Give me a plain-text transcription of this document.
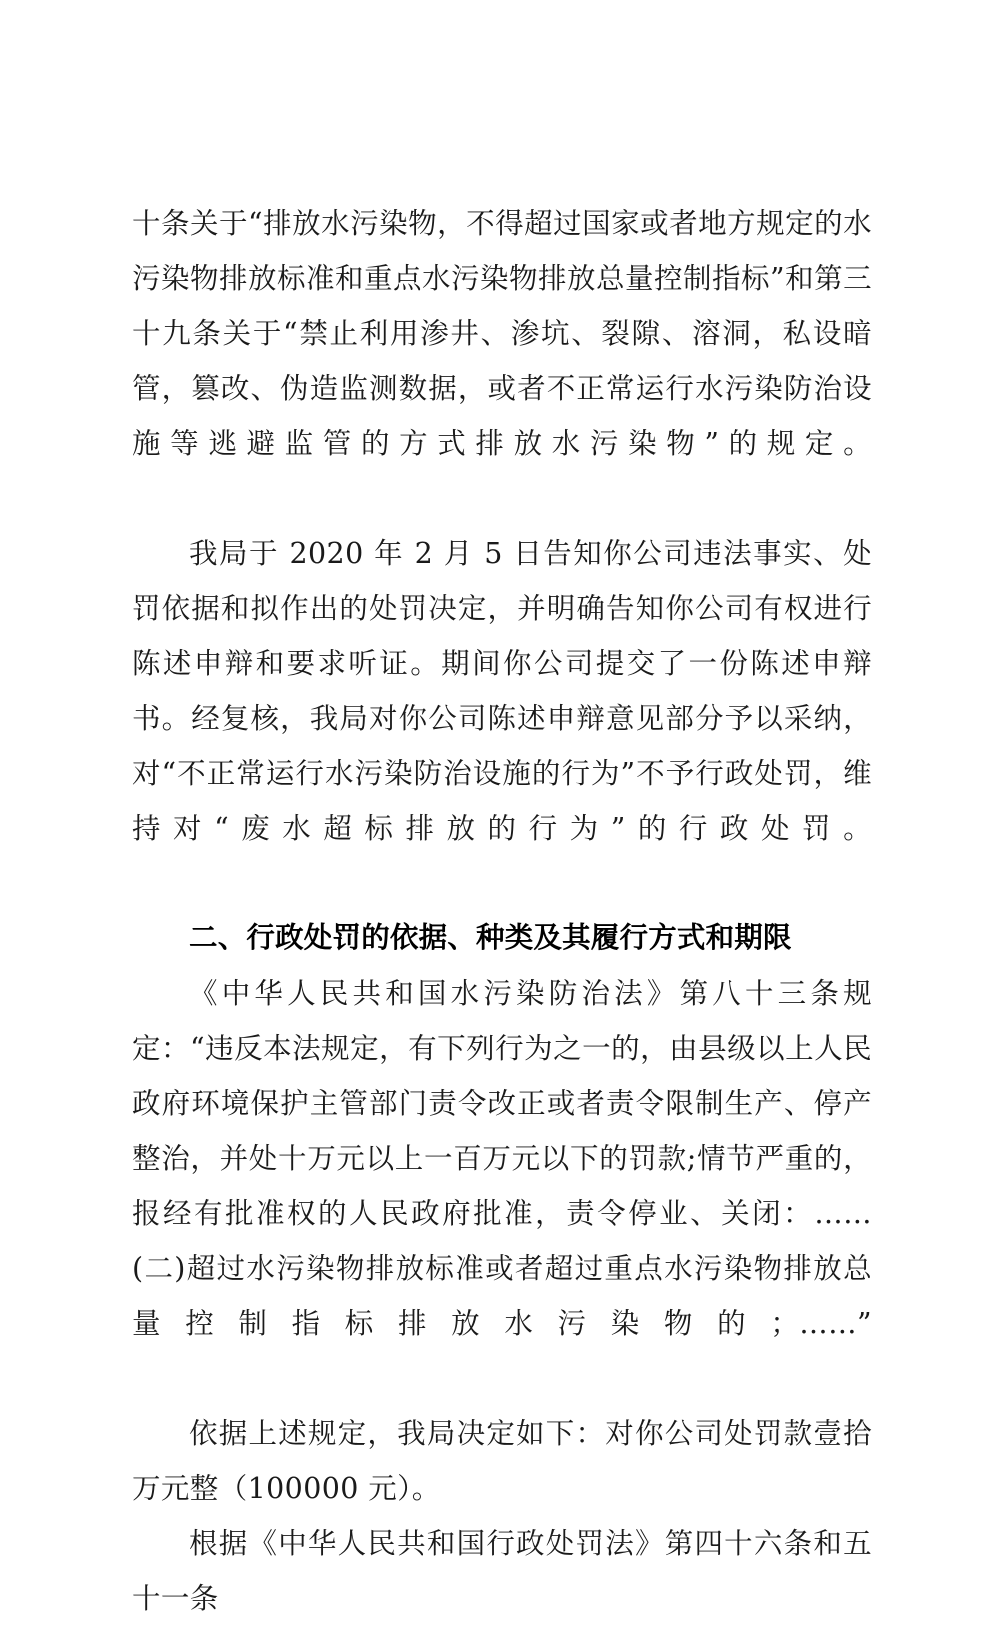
十条关于“排放水污染物，不得超过国家或者地方规定的水污染物排放标准和重点水污染物排放总量控制指标”和第三十九条关于“禁止利用渗井、渗坑、裂隙、溶洞，私设暗管，篡改、伪造监测数据，或者不正常运行水污染防治设施等逃避监管的方式排放水污染物”的规定。

我局于 2020 年 2 月 5 日告知你公司违法事实、处罚依据和拟作出的处罚决定，并明确告知你公司有权进行陈述申辩和要求听证。期间你公司提交了一份陈述申辩书。经复核，我局对你公司陈述申辩意见部分予以采纳，对“不正常运行水污染防治设施的行为”不予行政处罚，维持对“废水超标排放的行为”的行政处罚。

二、行政处罚的依据、种类及其履行方式和期限

《中华人民共和国水污染防治法》第八十三条规定：“违反本法规定，有下列行为之一的，由县级以上人民政府环境保护主管部门责令改正或者责令限制生产、停产整治，并处十万元以上一百万元以下的罚款;情节严重的，报经有批准权的人民政府批准，责令停业、关闭：……(二)超过水污染物排放标准或者超过重点水污染物排放总量控制指标排放水污染物的；……”

依据上述规定，我局决定如下：对你公司处罚款壹拾万元整（100000 元）。

根据《中华人民共和国行政处罚法》第四十六条和五十一条
